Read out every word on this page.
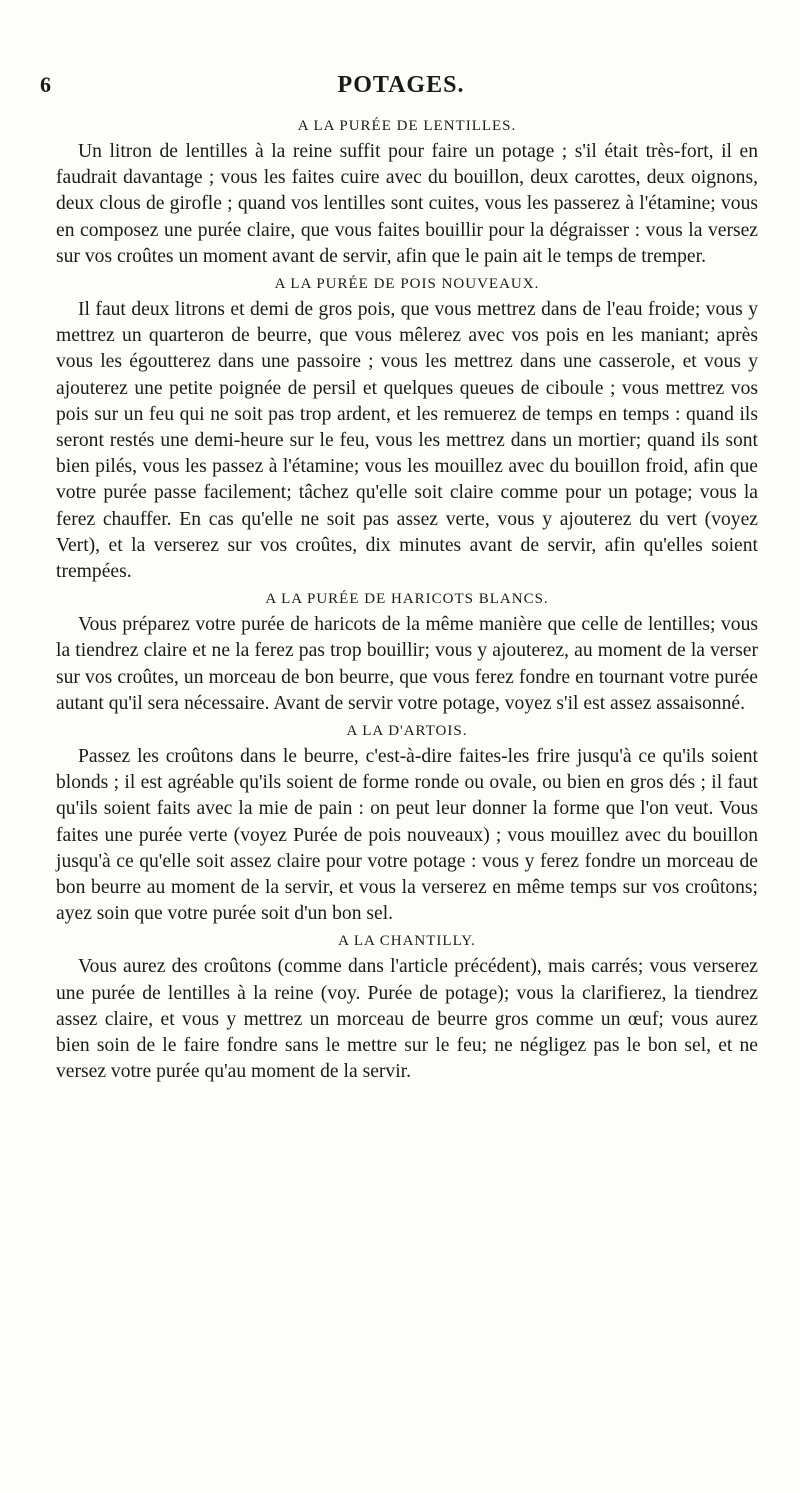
6	POTAGES.
A LA PURÉE DE LENTILLES.

Un litron de lentilles à la reine suffit pour faire un potage ; s'il était très-fort, il en faudrait davantage ; vous les faites cuire avec du bouillon, deux carottes, deux oignons, deux clous de girofle ; quand vos lentilles sont cuites, vous les passerez à l'étamine; vous en composez une purée claire, que vous faites bouillir pour la dégraisser : vous la versez sur vos croûtes un moment avant de servir, afin que le pain ait le temps de tremper.

A LA PURÉE DE POIS NOUVEAUX.

Il faut deux litrons et demi de gros pois, que vous mettrez dans de l'eau froide; vous y mettrez un quarteron de beurre, que vous mêlerez avec vos pois en les maniant; après vous les égoutterez dans une passoire ; vous les mettrez dans une casserole, et vous y ajouterez une petite poignée de persil et quelques queues de ciboule ; vous mettrez vos pois sur un feu qui ne soit pas trop ardent, et les remuerez de temps en temps : quand ils seront restés une demi-heure sur le feu, vous les mettrez dans un mortier; quand ils sont bien pilés, vous les passez à l'étamine; vous les mouillez avec du bouillon froid, afin que votre purée passe facilement; tâchez qu'elle soit claire comme pour un potage; vous la ferez chauffer. En cas qu'elle ne soit pas assez verte, vous y ajouterez du vert (voyez Vert), et la verserez sur vos croûtes, dix minutes avant de servir, afin qu'elles soient trempées.

A LA PURÉE DE HARICOTS BLANCS.

Vous préparez votre purée de haricots de la même manière que celle de lentilles; vous la tiendrez claire et ne la ferez pas trop bouillir; vous y ajouterez, au moment de la verser sur vos croûtes, un morceau de bon beurre, que vous ferez fondre en tournant votre purée autant qu'il sera nécessaire. Avant de servir votre potage, voyez s'il est assez assaisonné.

A LA D'ARTOIS.

Passez les croûtons dans le beurre, c'est-à-dire faites-les frire jusqu'à ce qu'ils soient blonds ; il est agréable qu'ils soient de forme ronde ou ovale, ou bien en gros dés ; il faut qu'ils soient faits avec la mie de pain : on peut leur donner la forme que l'on veut. Vous faites une purée verte (voyez Purée de pois nouveaux) ; vous mouillez avec du bouillon jusqu'à ce qu'elle soit assez claire pour votre potage : vous y ferez fondre un morceau de bon beurre au moment de la servir, et vous la verserez en même temps sur vos croûtons; ayez soin que votre purée soit d'un bon sel.

A LA CHANTILLY.

Vous aurez des croûtons (comme dans l'article précédent), mais carrés; vous verserez une purée de lentilles à la reine (voy. Purée de potage); vous la clarifierez, la tiendrez assez claire, et vous y mettrez un morceau de beurre gros comme un œuf; vous aurez bien soin de le faire fondre sans le mettre sur le feu; ne négligez pas le bon sel, et ne versez votre purée qu'au moment de la servir.
